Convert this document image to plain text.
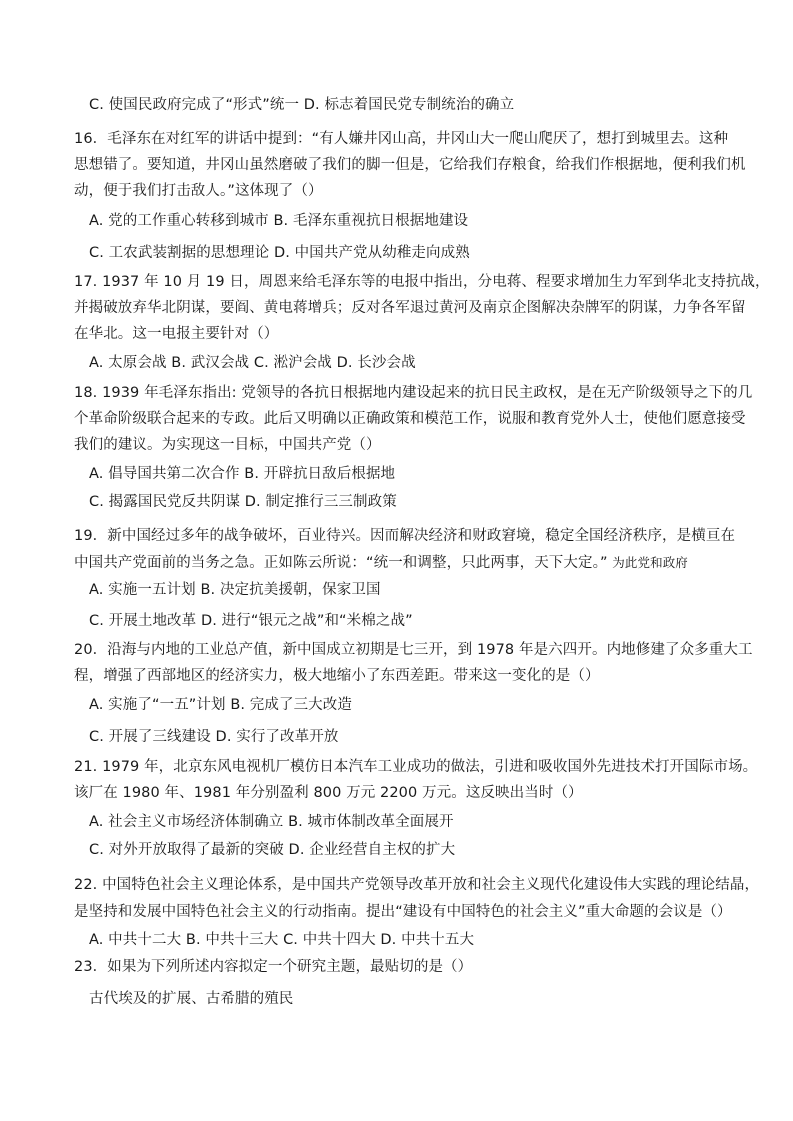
C. 使国民政府完成了“形式”统一 D. 标志着国民党专制统治的确立
16．毛泽东在对红军的讲话中提到：“有人嫌井冈山高，井冈山大一爬山爬厌了，想打到城里去。这种
思想错了。要知道，井冈山虽然磨破了我们的脚一但是，它给我们存粮食，给我们作根据地，便利我们机
动，便于我们打击敌人。”这体现了（）
A. 党的工作重心转移到城市 B. 毛泽东重视抗日根据地建设
C. 工农武装割据的思想理论 D. 中国共产党从幼稚走向成熟
17. 1937 年 10 月 19 日，周恩来给毛泽东等的电报中指出，分电蒋、程要求增加生力军到华北支持抗战，
并揭破放弃华北阴谋，要阎、黄电蒋增兵；反对各军退过黄河及南京企图解决杂牌军的阴谋，力争各军留
在华北。这一电报主要针对（）
A. 太原会战 B. 武汉会战 C. 淞沪会战 D. 长沙会战
18. 1939 年毛泽东指出: 党领导的各抗日根据地内建设起来的抗日民主政权，是在无产阶级领导之下的几
个革命阶级联合起来的专政。此后又明确以正确政策和模范工作，说服和教育党外人士，使他们愿意接受
我们的建议。为实现这一目标，中国共产党（）
A. 倡导国共第二次合作 B. 开辟抗日敌后根据地
C. 揭露国民党反共阴谋 D. 制定推行三三制政策
19．新中国经过多年的战争破坏，百业待兴。因而解决经济和财政窘境，稳定全国经济秩序，是横亘在
中国共产党面前的当务之急。正如陈云所说：“统一和调整，只此两事，天下大定。” 为此党和政府
A. 实施一五计划 B. 决定抗美援朝，保家卫国
C. 开展土地改革 D. 进行“银元之战”和“米棉之战”
20．沿海与内地的工业总产值，新中国成立初期是七三开，到 1978 年是六四开。内地修建了众多重大工
程，增强了西部地区的经济实力，极大地缩小了东西差距。带来这一变化的是（）
A. 实施了“一五”计划 B. 完成了三大改造
C. 开展了三线建设 D. 实行了改革开放
21. 1979 年，北京东风电视机厂模仿日本汽车工业成功的做法，引进和吸收国外先进技术打开国际市场。
该厂在 1980 年、1981 年分别盈利 800 万元 2200 万元。这反映出当时（）
A. 社会主义市场经济体制确立 B. 城市体制改革全面展开
C. 对外开放取得了最新的突破 D. 企业经营自主权的扩大
22. 中国特色社会主义理论体系，是中国共产党领导改革开放和社会主义现代化建设伟大实践的理论结晶，
是坚持和发展中国特色社会主义的行动指南。提出“建设有中国特色的社会主义”重大命题的会议是（）
A. 中共十二大 B. 中共十三大 C. 中共十四大 D. 中共十五大
23．如果为下列所述内容拟定一个研究主题，最贴切的是（）
古代埃及的扩展、古希腊的殖民
